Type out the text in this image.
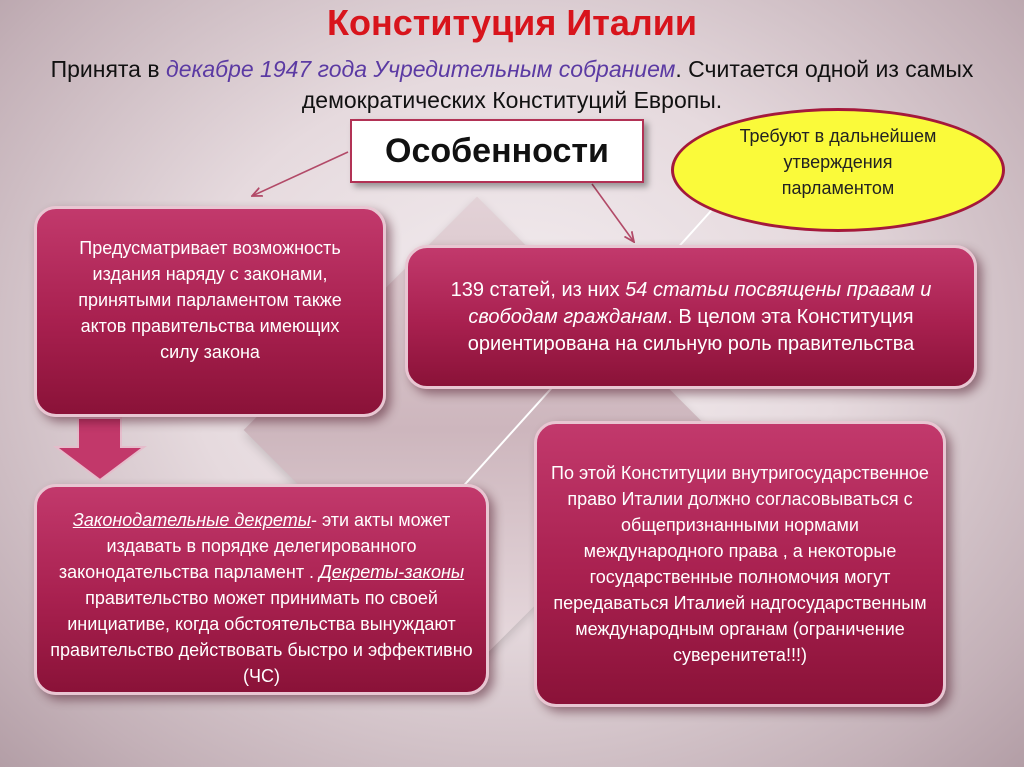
Конституция Италии
Принята в декабре 1947 года Учредительным собранием. Считается одной из самых демократических Конституций Европы.
Особенности	Требуют в дальнейшем утверждения парламентом
Предусматривает возможность издания наряду с законами, принятыми парламентом также актов правительства имеющих силу закона
139 статей, из них 54 статьи посвящены правам и свободам гражданам. В целом эта Конституция ориентирована на сильную роль правительства
Законодательные декреты- эти акты может издавать в порядке делегированного законодательства парламент . Декреты-законы правительство может принимать по своей инициативе, когда обстоятельства вынуждают правительство действовать быстро и эффективно (ЧС)
По этой Конституции внутригосударственное право Италии должно согласовываться с общепризнанными нормами международного права , а некоторые государственные полномочия могут передаваться Италией надгосударственным международным органам (ограничение суверенитета!!!)
